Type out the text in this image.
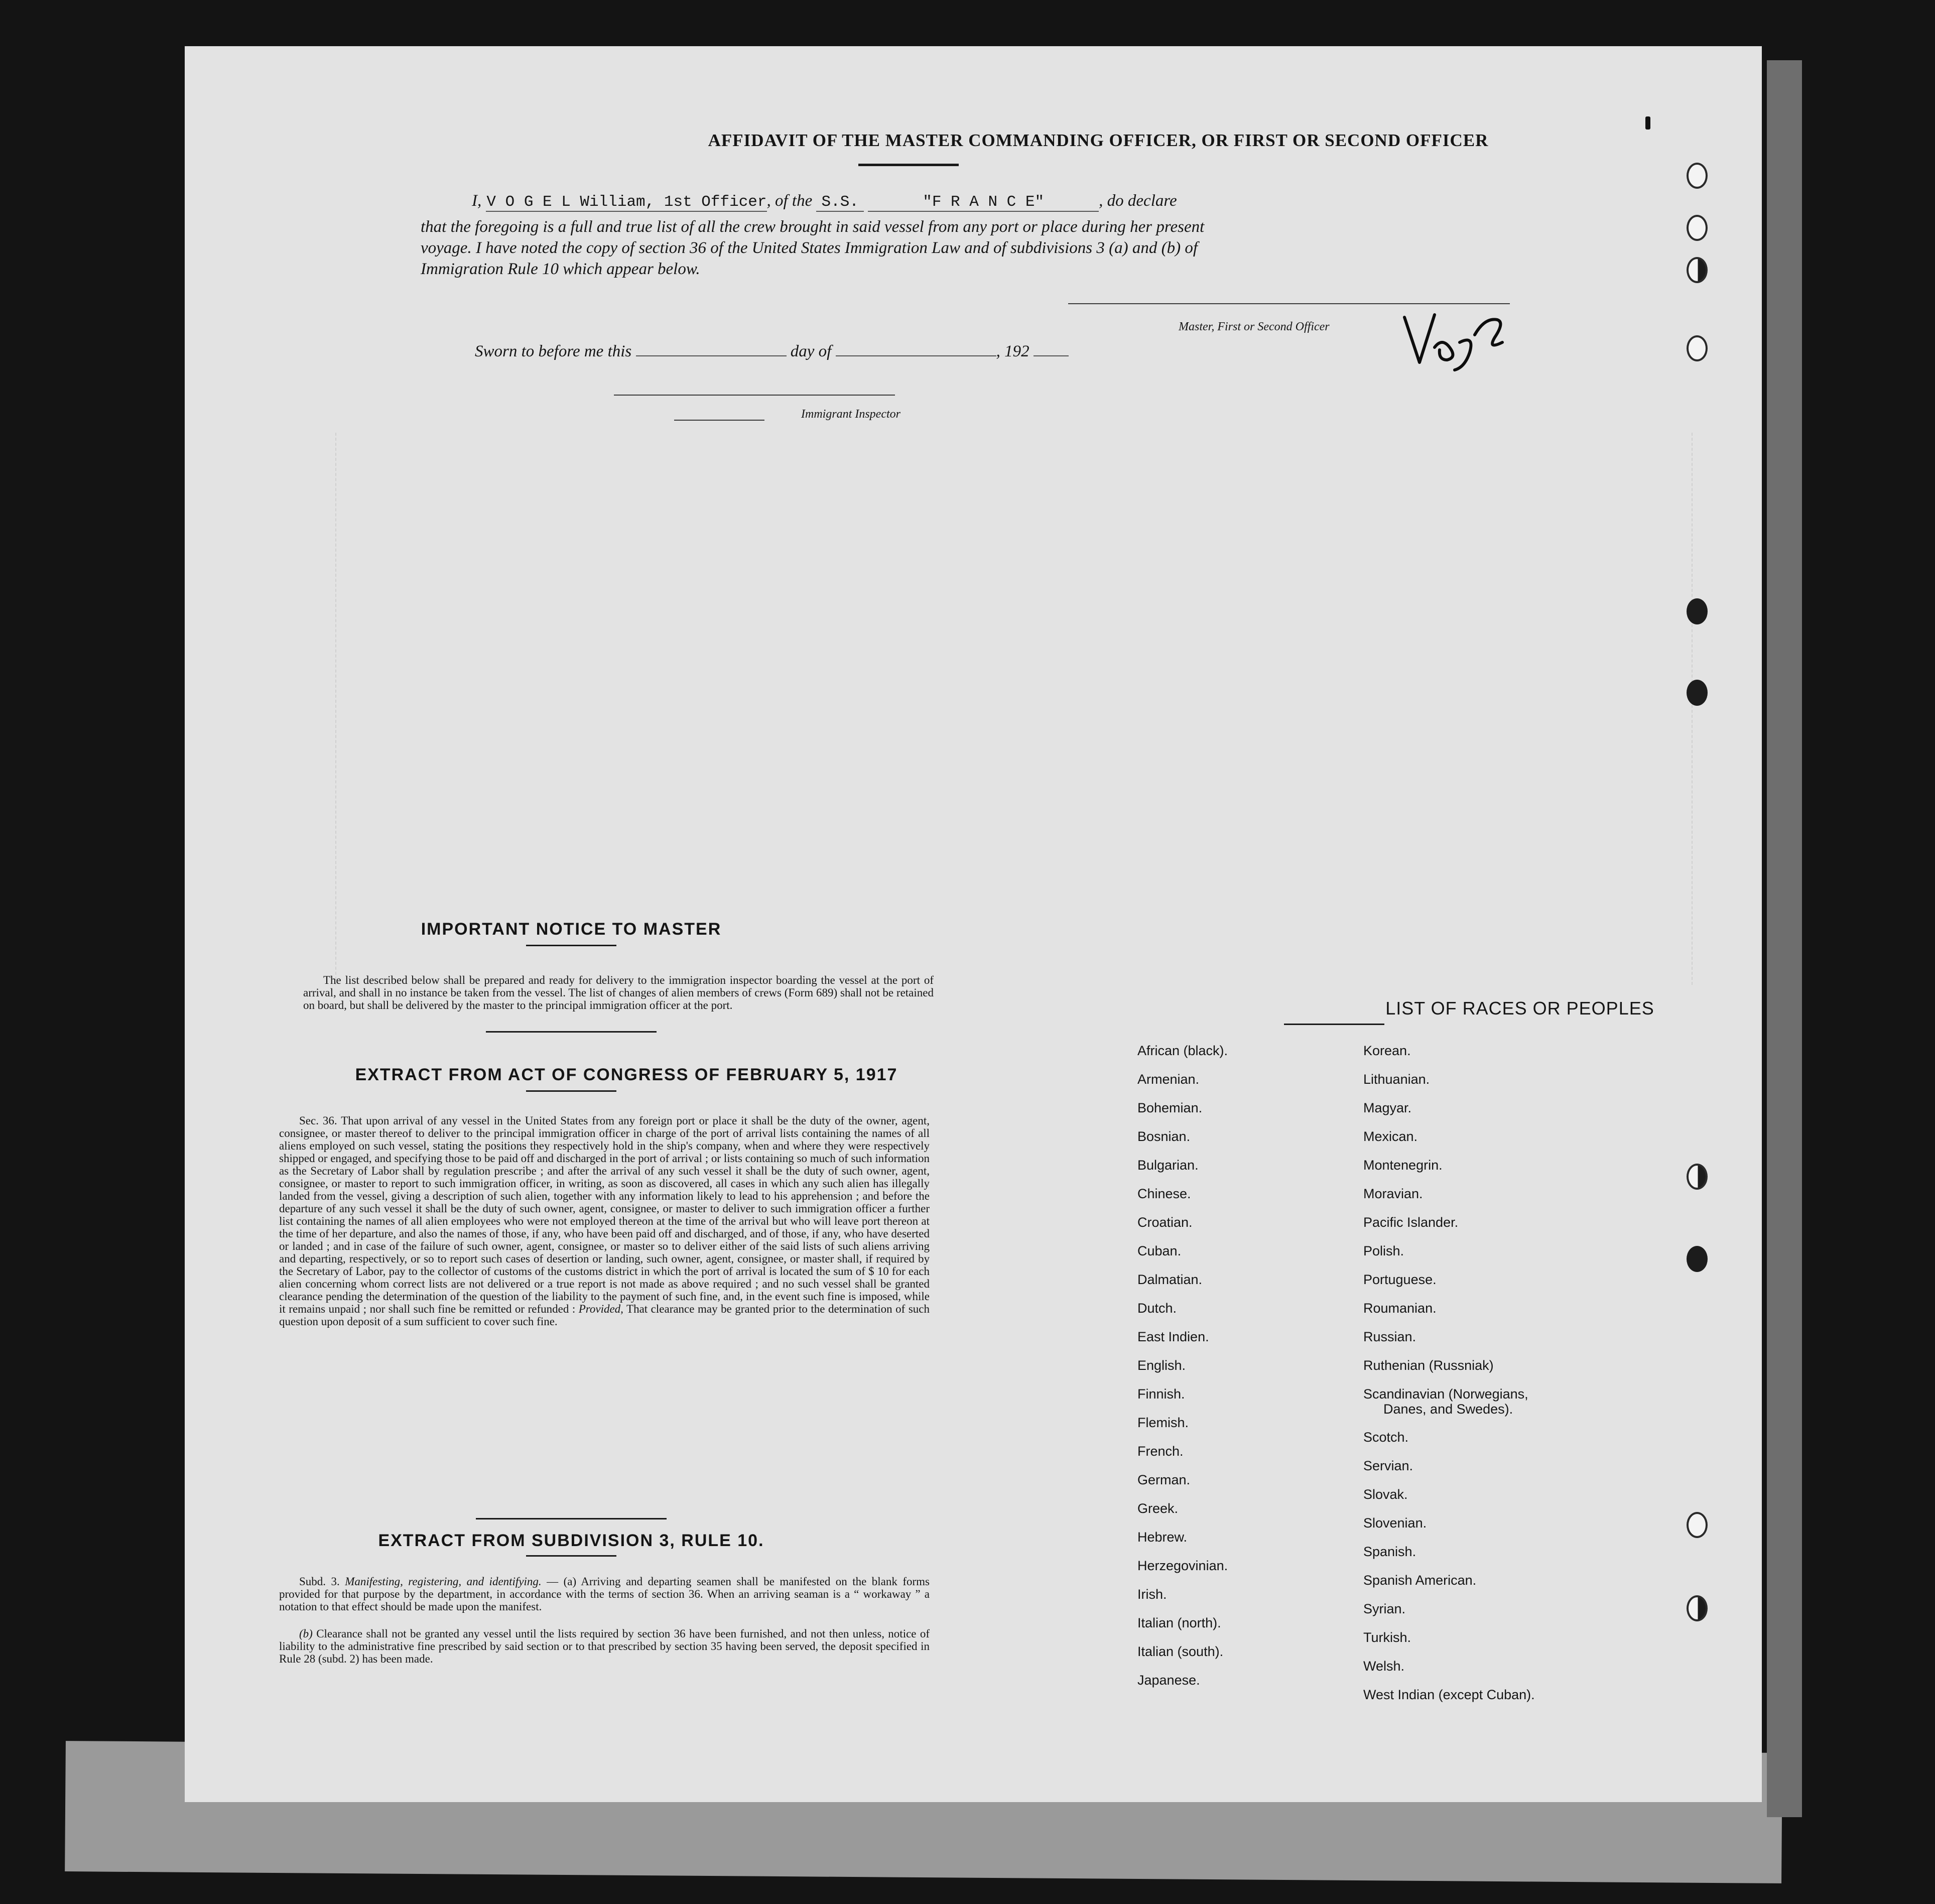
AFFIDAVIT OF THE MASTER COMMANDING OFFICER, OR FIRST OR SECOND OFFICER
I, V O G E L William, 1st Officer, of the S.S.	"F R A N C E"	, do declare
that the foregoing is a full and true list of all the crew brought in said vessel from any port or place during her present
voyage. I have noted the copy of section 36 of the United States Immigration Law and of subdivisions 3 (a) and (b) of
Immigration Rule 10 which appear below.
Master, First or Second Officer
Sworn to before me this	day of	, 192
Immigrant Inspector
IMPORTANT NOTICE TO MASTER
The list described below shall be prepared and ready for delivery to the immigration inspector boarding the vessel at the port of arrival, and shall in no instance be taken from the vessel. The list of changes of alien members of crews (Form 689) shall not be retained on board, but shall be delivered by the master to the principal immigration officer at the port.
EXTRACT FROM ACT OF CONGRESS OF FEBRUARY 5, 1917
Sec. 36. That upon arrival of any vessel in the United States from any foreign port or place it shall be the duty of the owner, agent, consignee, or master thereof to deliver to the principal immigration officer in charge of the port of arrival lists containing the names of all aliens employed on such vessel, stating the positions they respectively hold in the ship's company, when and where they were respectively shipped or engaged, and specifying those to be paid off and discharged in the port of arrival ; or lists containing so much of such information as the Secretary of Labor shall by regulation prescribe ; and after the arrival of any such vessel it shall be the duty of such owner, agent, consignee, or master to report to such immigration officer, in writing, as soon as discovered, all cases in which any such alien has illegally landed from the vessel, giving a description of such alien, together with any information likely to lead to his apprehension ; and before the departure of any such vessel it shall be the duty of such owner, agent, consignee, or master to deliver to such immigration officer a further list containing the names of all alien employees who were not employed thereon at the time of the arrival but who will leave port thereon at the time of her departure, and also the names of those, if any, who have been paid off and discharged, and of those, if any, who have deserted or landed ; and in case of the failure of such owner, agent, consignee, or master so to deliver either of the said lists of such aliens arriving and departing, respectively, or so to report such cases of desertion or landing, such owner, agent, consignee, or master shall, if required by the Secretary of Labor, pay to the collector of customs of the customs district in which the port of arrival is located the sum of $ 10 for each alien concerning whom correct lists are not delivered or a true report is not made as above required ; and no such vessel shall be granted clearance pending the determination of the question of the liability to the payment of such fine, and, in the event such fine is imposed, while it remains unpaid ; nor shall such fine be remitted or refunded : Provided, That clearance may be granted prior to the determination of such question upon deposit of a sum sufficient to cover such fine.
EXTRACT FROM SUBDIVISION 3, RULE 10.
Subd. 3. Manifesting, registering, and identifying. — (a) Arriving and departing seamen shall be manifested on the blank forms provided for that purpose by the department, in accordance with the terms of section 36. When an arriving seaman is a “ workaway ” a notation to that effect should be made upon the manifest.
(b) Clearance shall not be granted any vessel until the lists required by section 36 have been furnished, and not then unless, notice of liability to the administrative fine prescribed by said section or to that prescribed by section 35 having been served, the deposit specified in Rule 28 (subd. 2) has been made.
LIST OF RACES OR PEOPLES
African (black).
Armenian.
Bohemian.
Bosnian.
Bulgarian.
Chinese.
Croatian.
Cuban.
Dalmatian.
Dutch.
East Indien.
English.
Finnish.
Flemish.
French.
German.
Greek.
Hebrew.
Herzegovinian.
Irish.
Italian (north).
Italian (south).
Japanese.
Korean.
Lithuanian.
Magyar.
Mexican.
Montenegrin.
Moravian.
Pacific Islander.
Polish.
Portuguese.
Roumanian.
Russian.
Ruthenian (Russniak)
Scandinavian (Norwegians,
Danes, and Swedes).
Scotch.
Servian.
Slovak.
Slovenian.
Spanish.
Spanish American.
Syrian.
Turkish.
Welsh.
West Indian (except Cuban).
